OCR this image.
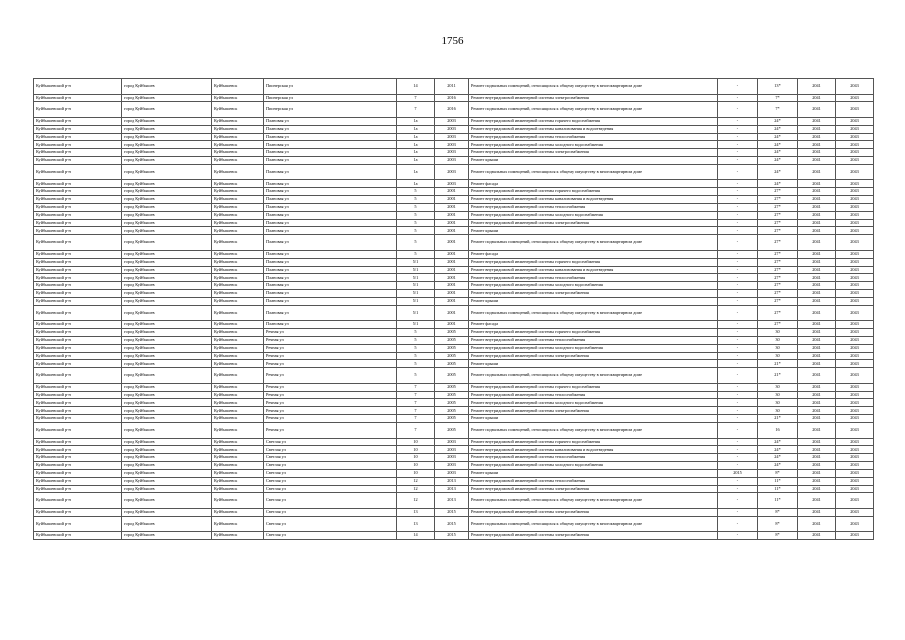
1756
Куйбышевский р-н	город Куйбышев	Куйбышевск	Пионерская ул	14	2011	Ремонт подвальных помещений, относящихся к общему имуществу в многоквартирном доме	-	13*	2041	2043
Куйбышевский р-н	город Куйбышев	Куйбышевск	Пионерская ул	7	2016	Ремонт внутридомовой инженерной системы электроснабжения	-	7*	2041	2043
Куйбышевский р-н	город Куйбышев	Куйбышевск	Пионерская ул	7	2016	Ремонт подвальных помещений, относящихся к общему имуществу в многоквартирном доме	-	7*	2041	2043
Куйбышевский р-н	город Куйбышев	Куйбышевск	Плановая ул	1а	2003	Ремонт внутридомовой инженерной системы горячего водоснабжения	-	24*	2041	2043
Куйбышевский р-н	город Куйбышев	Куйбышевск	Плановая ул	1а	2003	Ремонт внутридомовой инженерной системы канализования и водоотведения	-	24*	2041	2043
Куйбышевский р-н	город Куйбышев	Куйбышевск	Плановая ул	1а	2003	Ремонт внутридомовой инженерной системы теплоснабжения	-	24*	2041	2043
Куйбышевский р-н	город Куйбышев	Куйбышевск	Плановая ул	1а	2003	Ремонт внутридомовой инженерной системы холодного водоснабжения	-	24*	2041	2043
Куйбышевский р-н	город Куйбышев	Куйбышевск	Плановая ул	1а	2003	Ремонт внутридомовой инженерной системы электроснабжения	-	24*	2041	2043
Куйбышевский р-н	город Куйбышев	Куйбышевск	Плановая ул	1а	2003	Ремонт крыши	-	24*	2041	2043
Куйбышевский р-н	город Куйбышев	Куйбышевск	Плановая ул	1а	2003	Ремонт подвальных помещений, относящихся к общему имуществу в многоквартирном доме	-	24*	2041	2043
Куйбышевский р-н	город Куйбышев	Куйбышевск	Плановая ул	1а	2003	Ремонт фасада	-	24*	2041	2043
Куйбышевский р-н	город Куйбышев	Куйбышевск	Плановая ул	5	2001	Ремонт внутридомовой инженерной системы горячего водоснабжения	-	27*	2041	2043
Куйбышевский р-н	город Куйбышев	Куйбышевск	Плановая ул	5	2001	Ремонт внутридомовой инженерной системы канализования и водоотведения	-	27*	2041	2043
Куйбышевский р-н	город Куйбышев	Куйбышевск	Плановая ул	5	2001	Ремонт внутридомовой инженерной системы теплоснабжения	-	27*	2041	2043
Куйбышевский р-н	город Куйбышев	Куйбышевск	Плановая ул	5	2001	Ремонт внутридомовой инженерной системы холодного водоснабжения	-	27*	2041	2043
Куйбышевский р-н	город Куйбышев	Куйбышевск	Плановая ул	5	2001	Ремонт внутридомовой инженерной системы электроснабжения	-	27*	2041	2043
Куйбышевский р-н	город Куйбышев	Куйбышевск	Плановая ул	5	2001	Ремонт крыши	-	27*	2041	2043
Куйбышевский р-н	город Куйбышев	Куйбышевск	Плановая ул	5	2001	Ремонт подвальных помещений, относящихся к общему имуществу в многоквартирном доме	-	27*	2041	2043
Куйбышевский р-н	город Куйбышев	Куйбышевск	Плановая ул	5	2001	Ремонт фасада	-	27*	2041	2043
Куйбышевский р-н	город Куйбышев	Куйбышевск	Плановая ул	5/1	2001	Ремонт внутридомовой инженерной системы горячего водоснабжения	-	27*	2041	2043
Куйбышевский р-н	город Куйбышев	Куйбышевск	Плановая ул	5/1	2001	Ремонт внутридомовой инженерной системы канализования и водоотведения	-	27*	2041	2043
Куйбышевский р-н	город Куйбышев	Куйбышевск	Плановая ул	5/1	2001	Ремонт внутридомовой инженерной системы теплоснабжения	-	27*	2041	2043
Куйбышевский р-н	город Куйбышев	Куйбышевск	Плановая ул	5/1	2001	Ремонт внутридомовой инженерной системы холодного водоснабжения	-	27*	2041	2043
Куйбышевский р-н	город Куйбышев	Куйбышевск	Плановая ул	5/1	2001	Ремонт внутридомовой инженерной системы электроснабжения	-	27*	2041	2043
Куйбышевский р-н	город Куйбышев	Куйбышевск	Плановая ул	5/1	2001	Ремонт крыши	-	27*	2041	2043
Куйбышевский р-н	город Куйбышев	Куйбышевск	Плановая ул	5/1	2001	Ремонт подвальных помещений, относящихся к общему имуществу в многоквартирном доме	-	27*	2041	2043
Куйбышевский р-н	город Куйбышев	Куйбышевск	Плановая ул	5/1	2001	Ремонт фасада	-	27*	2041	2043
Куйбышевский р-н	город Куйбышев	Куйбышевск	Речная ул	5	2005	Ремонт внутридомовой инженерной системы горячего водоснабжения	-	30	2041	2043
Куйбышевский р-н	город Куйбышев	Куйбышевск	Речная ул	5	2005	Ремонт внутридомовой инженерной системы теплоснабжения	-	30	2041	2043
Куйбышевский р-н	город Куйбышев	Куйбышевск	Речная ул	5	2005	Ремонт внутридомовой инженерной системы холодного водоснабжения	-	30	2041	2043
Куйбышевский р-н	город Куйбышев	Куйбышевск	Речная ул	5	2005	Ремонт внутридомовой инженерной системы электроснабжения	-	30	2041	2043
Куйбышевский р-н	город Куйбышев	Куйбышевск	Речная ул	5	2005	Ремонт крыши	-	21*	2041	2043
Куйбышевский р-н	город Куйбышев	Куйбышевск	Речная ул	5	2005	Ремонт подвальных помещений, относящихся к общему имуществу в многоквартирном доме	-	21*	2041	2043
Куйбышевский р-н	город Куйбышев	Куйбышевск	Речная ул	7	2005	Ремонт внутридомовой инженерной системы горячего водоснабжения	-	30	2041	2043
Куйбышевский р-н	город Куйбышев	Куйбышевск	Речная ул	7	2005	Ремонт внутридомовой инженерной системы теплоснабжения	-	30	2041	2043
Куйбышевский р-н	город Куйбышев	Куйбышевск	Речная ул	7	2005	Ремонт внутридомовой инженерной системы холодного водоснабжения	-	30	2041	2043
Куйбышевский р-н	город Куйбышев	Куйбышевск	Речная ул	7	2005	Ремонт внутридомовой инженерной системы электроснабжения	-	30	2041	2043
Куйбышевский р-н	город Куйбышев	Куйбышевск	Речная ул	7	2005	Ремонт крыши	-	21*	2041	2043
Куйбышевский р-н	город Куйбышев	Куйбышевск	Речная ул	7	2005	Ремонт подвальных помещений, относящихся к общему имуществу в многоквартирном доме	-	16	2041	2043
Куйбышевский р-н	город Куйбышев	Куйбышевск	Светлая ул	10	2003	Ремонт внутридомовой инженерной системы горячего водоснабжения	-	24*	2041	2043
Куйбышевский р-н	город Куйбышев	Куйбышевск	Светлая ул	10	2003	Ремонт внутридомовой инженерной системы канализования и водоотведения	-	24*	2041	2043
Куйбышевский р-н	город Куйбышев	Куйбышевск	Светлая ул	10	2003	Ремонт внутридомовой инженерной системы теплоснабжения	-	24*	2041	2043
Куйбышевский р-н	город Куйбышев	Куйбышевск	Светлая ул	10	2003	Ремонт внутридомовой инженерной системы холодного водоснабжения	-	24*	2041	2043
Куйбышевский р-н	город Куйбышев	Куйбышевск	Светлая ул	10	2003	Ремонт крыши	2015	8*	2041	2043
Куйбышевский р-н	город Куйбышев	Куйбышевск	Светлая ул	12	2013	Ремонт внутридомовой инженерной системы теплоснабжения	-	11*	2041	2043
Куйбышевский р-н	город Куйбышев	Куйбышевск	Светлая ул	12	2013	Ремонт внутридомовой инженерной системы электроснабжения	-	11*	2041	2043
Куйбышевский р-н	город Куйбышев	Куйбышевск	Светлая ул	12	2013	Ремонт подвальных помещений, относящихся к общему имуществу в многоквартирном доме	-	11*	2041	2043
Куйбышевский р-н	город Куйбышев	Куйбышевск	Светлая ул	13	2015	Ремонт внутридомовой инженерной системы электроснабжения	-	8*	2041	2043
Куйбышевский р-н	город Куйбышев	Куйбышевск	Светлая ул	13	2015	Ремонт подвальных помещений, относящихся к общему имуществу в многоквартирном доме	-	8*	2041	2043
Куйбышевский р-н	город Куйбышев	Куйбышевск	Светлая ул	14	2015	Ремонт внутридомовой инженерной системы электроснабжения	-	8*	2041	2043
